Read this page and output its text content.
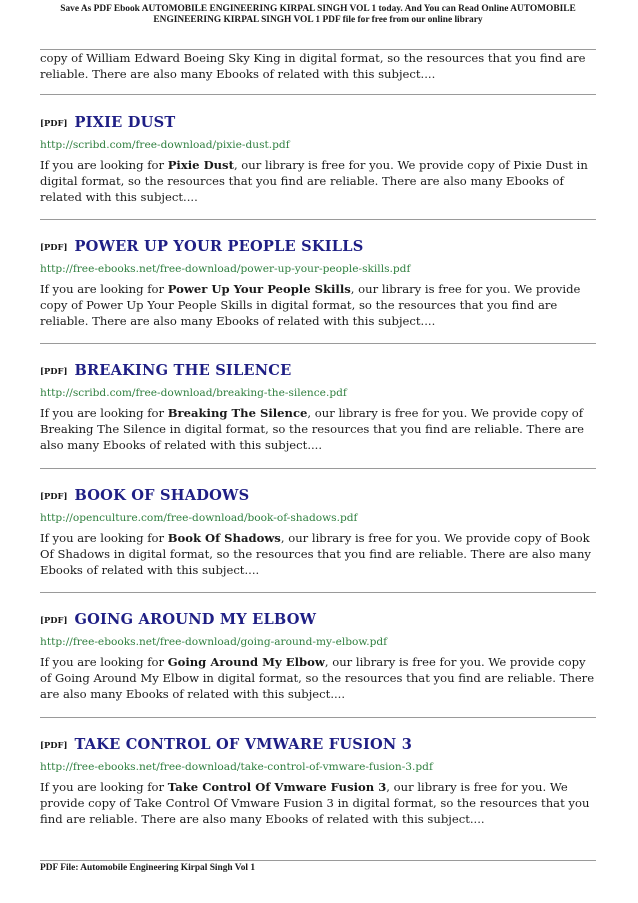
Save As PDF Ebook AUTOMOBILE ENGINEERING KIRPAL SINGH VOL 1 today. And You can Read Online AUTOMOBILE
ENGINEERING KIRPAL SINGH VOL 1 PDF file for free from our online library

copy of William Edward Boeing Sky King in digital format, so the resources that you find are reliable. There are also many Ebooks of related with this subject....

[PDF] PIXIE DUST
http://scribd.com/free-download/pixie-dust.pdf

If you are looking for Pixie Dust, our library is free for you. We provide copy of Pixie Dust in digital format, so the resources that you find are reliable. There are also many Ebooks of related with this subject....

[PDF] POWER UP YOUR PEOPLE SKILLS
http://free-ebooks.net/free-download/power-up-your-people-skills.pdf

If you are looking for Power Up Your People Skills, our library is free for you. We provide copy of Power Up Your People Skills in digital format, so the resources that you find are reliable. There are also many Ebooks of related with this subject....

[PDF] BREAKING THE SILENCE
http://scribd.com/free-download/breaking-the-silence.pdf

If you are looking for Breaking The Silence, our library is free for you. We provide copy of Breaking The Silence in digital format, so the resources that you find are reliable. There are also many Ebooks of related with this subject....

[PDF] BOOK OF SHADOWS
http://openculture.com/free-download/book-of-shadows.pdf

If you are looking for Book Of Shadows, our library is free for you. We provide copy of Book Of Shadows in digital format, so the resources that you find are reliable. There are also many Ebooks of related with this subject....

[PDF] GOING AROUND MY ELBOW
http://free-ebooks.net/free-download/going-around-my-elbow.pdf

If you are looking for Going Around My Elbow, our library is free for you. We provide copy of Going Around My Elbow in digital format, so the resources that you find are reliable. There are also many Ebooks of related with this subject....

[PDF] TAKE CONTROL OF VMWARE FUSION 3
http://free-ebooks.net/free-download/take-control-of-vmware-fusion-3.pdf

If you are looking for Take Control Of Vmware Fusion 3, our library is free for you. We provide copy of Take Control Of Vmware Fusion 3 in digital format, so the resources that you find are reliable. There are also many Ebooks of related with this subject....

PDF File: Automobile Engineering Kirpal Singh Vol 1
